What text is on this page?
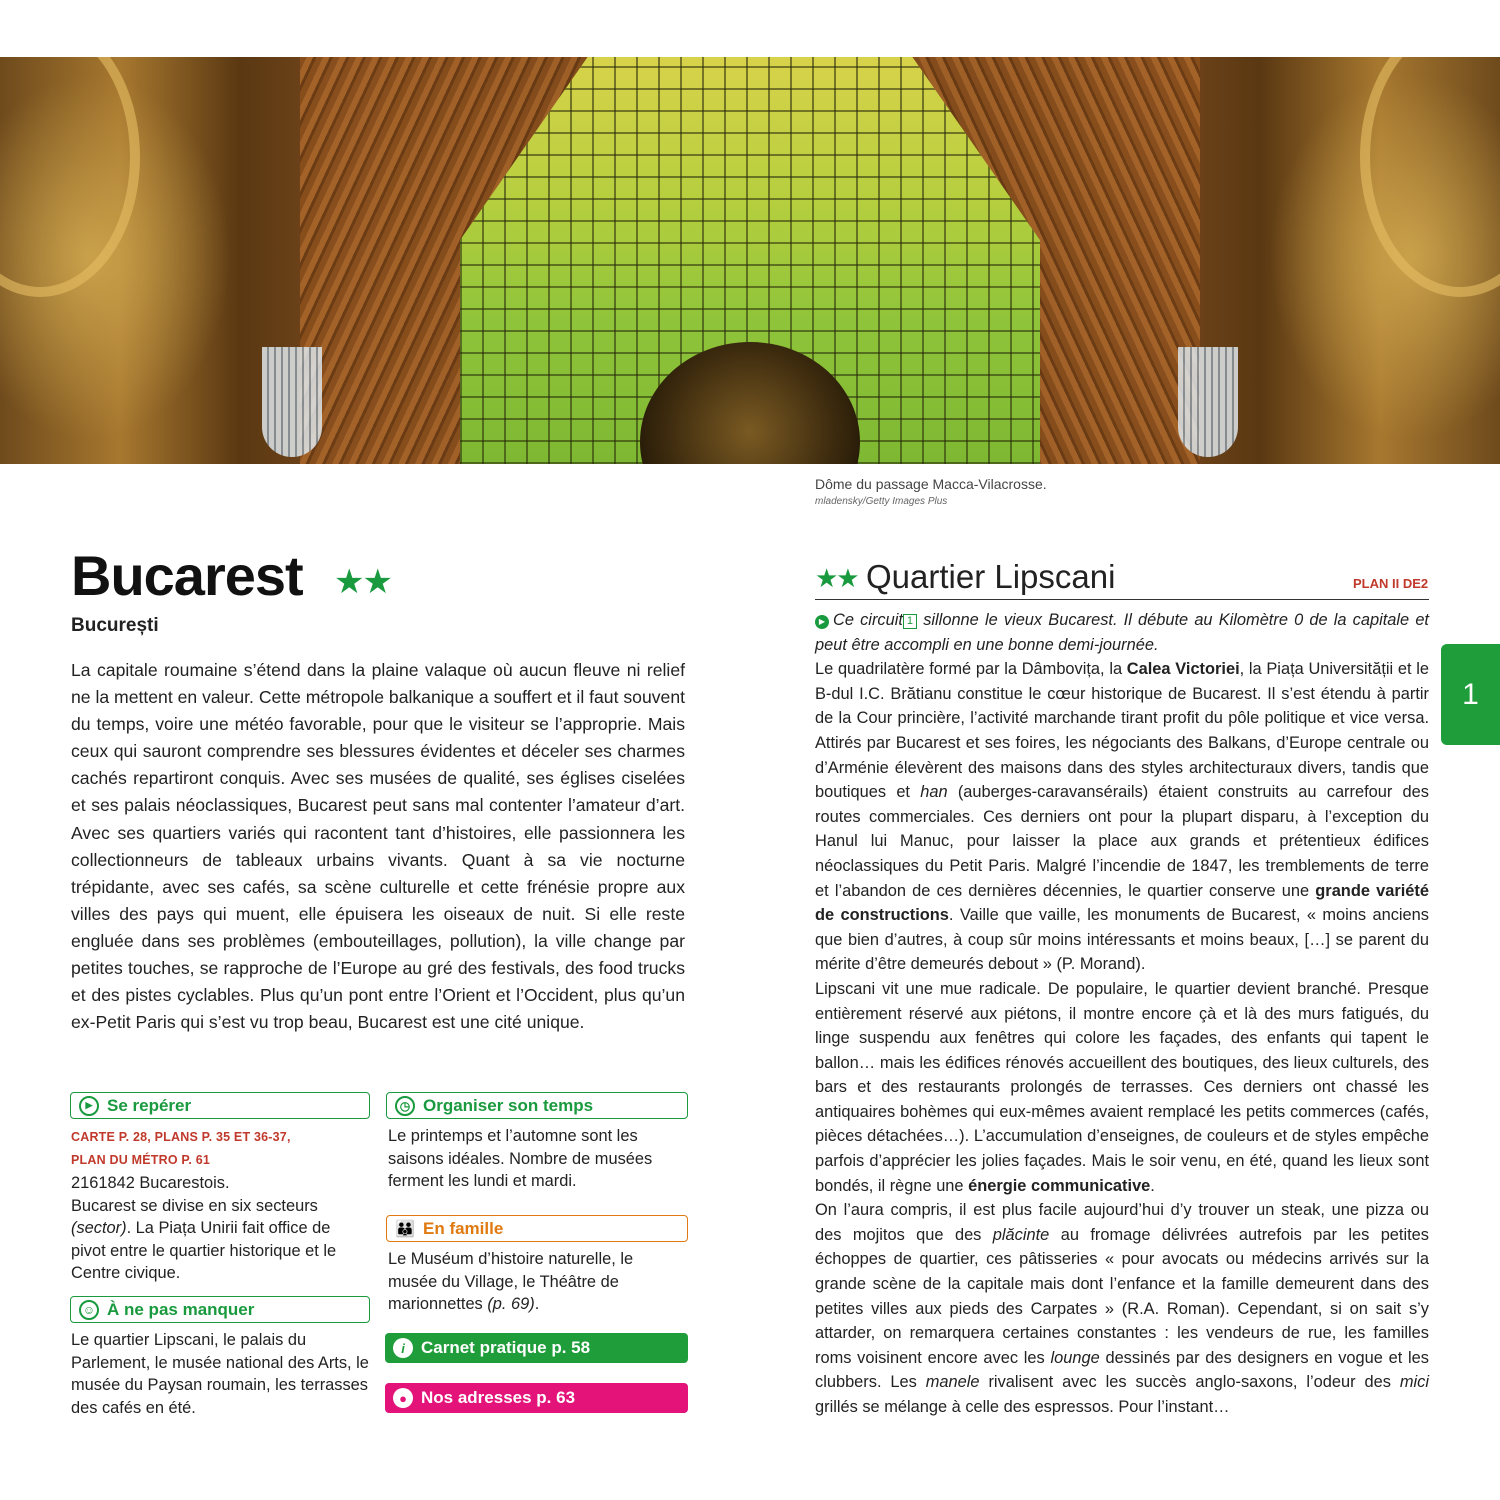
Dôme du passage Macca-Vilacrosse.
mladensky/Getty Images Plus
Bucarest ★★
București
La capitale roumaine s’étend dans la plaine valaque où aucun fleuve ni relief ne la mettent en valeur. Cette métropole balkanique a souffert et il faut souvent du temps, voire une météo favorable, pour que le visiteur se l’approprie. Mais ceux qui sauront comprendre ses blessures évidentes et déceler ses charmes cachés repartiront conquis. Avec ses musées de qualité, ses églises ciselées et ses palais néoclassiques, Bucarest peut sans mal contenter l’amateur d’art. Avec ses quartiers variés qui racontent tant d’histoires, elle passionnera les collectionneurs de tableaux urbains vivants. Quant à sa vie nocturne trépidante, avec ses cafés, sa scène culturelle et cette frénésie propre aux villes des pays qui muent, elle épuisera les oiseaux de nuit. Si elle reste engluée dans ses problèmes (embouteillages, pollution), la ville change par petites touches, se rapproche de l’Europe au gré des festivals, des food trucks et des pistes cyclables. Plus qu’un pont entre l’Orient et l’Occident, plus qu’un ex-Petit Paris qui s’est vu trop beau, Bucarest est une cité unique.
▶ Se repérer
CARTE P. 28, PLANS P. 35 ET 36-37,
PLAN DU MÉTRO P. 61
2161842 Bucarestois.
Bucarest se divise en six secteurs (sector). La Piața Unirii fait office de pivot entre le quartier historique et le Centre civique.
☺ À ne pas manquer
Le quartier Lipscani, le palais du Parlement, le musée national des Arts, le musée du Paysan roumain, les terrasses des cafés en été.
◷ Organiser son temps
Le printemps et l’automne sont les saisons idéales. Nombre de musées ferment les lundi et mardi.
👪 En famille
Le Muséum d’histoire naturelle, le musée du Village, le Théâtre de marionnettes (p. 69).
i Carnet pratique p. 58
● Nos adresses p. 63
★★ Quartier Lipscani	PLAN II DE2

▶ Ce circuit 1 sillonne le vieux Bucarest. Il débute au Kilomètre 0 de la capitale et peut être accompli en une bonne demi-journée.

Le quadrilatère formé par la Dâmbovița, la Calea Victoriei, la Piața Universității et le B-dul I.C. Brătianu constitue le cœur historique de Bucarest. Il s’est étendu à partir de la Cour princière, l’activité marchande tirant profit du pôle politique et vice versa. Attirés par Bucarest et ses foires, les négociants des Balkans, d’Europe centrale ou d’Arménie élevèrent des maisons dans des styles architecturaux divers, tandis que boutiques et han (auberges-caravansérails) étaient construits au carrefour des routes commerciales. Ces derniers ont pour la plupart disparu, à l’exception du Hanul lui Manuc, pour laisser la place aux grands et prétentieux édifices néoclassiques du Petit Paris. Malgré l’incendie de 1847, les tremblements de terre et l’abandon de ces dernières décennies, le quartier conserve une grande variété de constructions. Vaille que vaille, les monuments de Bucarest, « moins anciens que bien d’autres, à coup sûr moins intéressants et moins beaux, […] se parent du mérite d’être demeurés debout » (P. Morand).

Lipscani vit une mue radicale. De populaire, le quartier devient branché. Presque entièrement réservé aux piétons, il montre encore çà et là des murs fatigués, du linge suspendu aux fenêtres qui colore les façades, des enfants qui tapent le ballon… mais les édifices rénovés accueillent des boutiques, des lieux culturels, des bars et des restaurants prolongés de terrasses. Ces derniers ont chassé les antiquaires bohèmes qui eux-mêmes avaient remplacé les petits commerces (cafés, pièces détachées…). L’accumulation d’enseignes, de couleurs et de styles empêche parfois d’apprécier les jolies façades. Mais le soir venu, en été, quand les lieux sont bondés, il règne une énergie communicative.

On l’aura compris, il est plus facile aujourd’hui d’y trouver un steak, une pizza ou des mojitos que des plăcinte au fromage délivrées autrefois par les petites échoppes de quartier, ces pâtisseries « pour avocats ou médecins arrivés sur la grande scène de la capitale mais dont l’enfance et la famille demeurent dans des petites villes aux pieds des Carpates » (R.A. Roman). Cependant, si on sait s’y attarder, on remarquera certaines constantes : les vendeurs de rue, les familles roms voisinent encore avec les lounge dessinés par des designers en vogue et les clubbers. Les manele rivalisent avec les succès anglo-saxons, l’odeur des mici grillés se mélange à celle des espressos. Pour l’instant…

1
